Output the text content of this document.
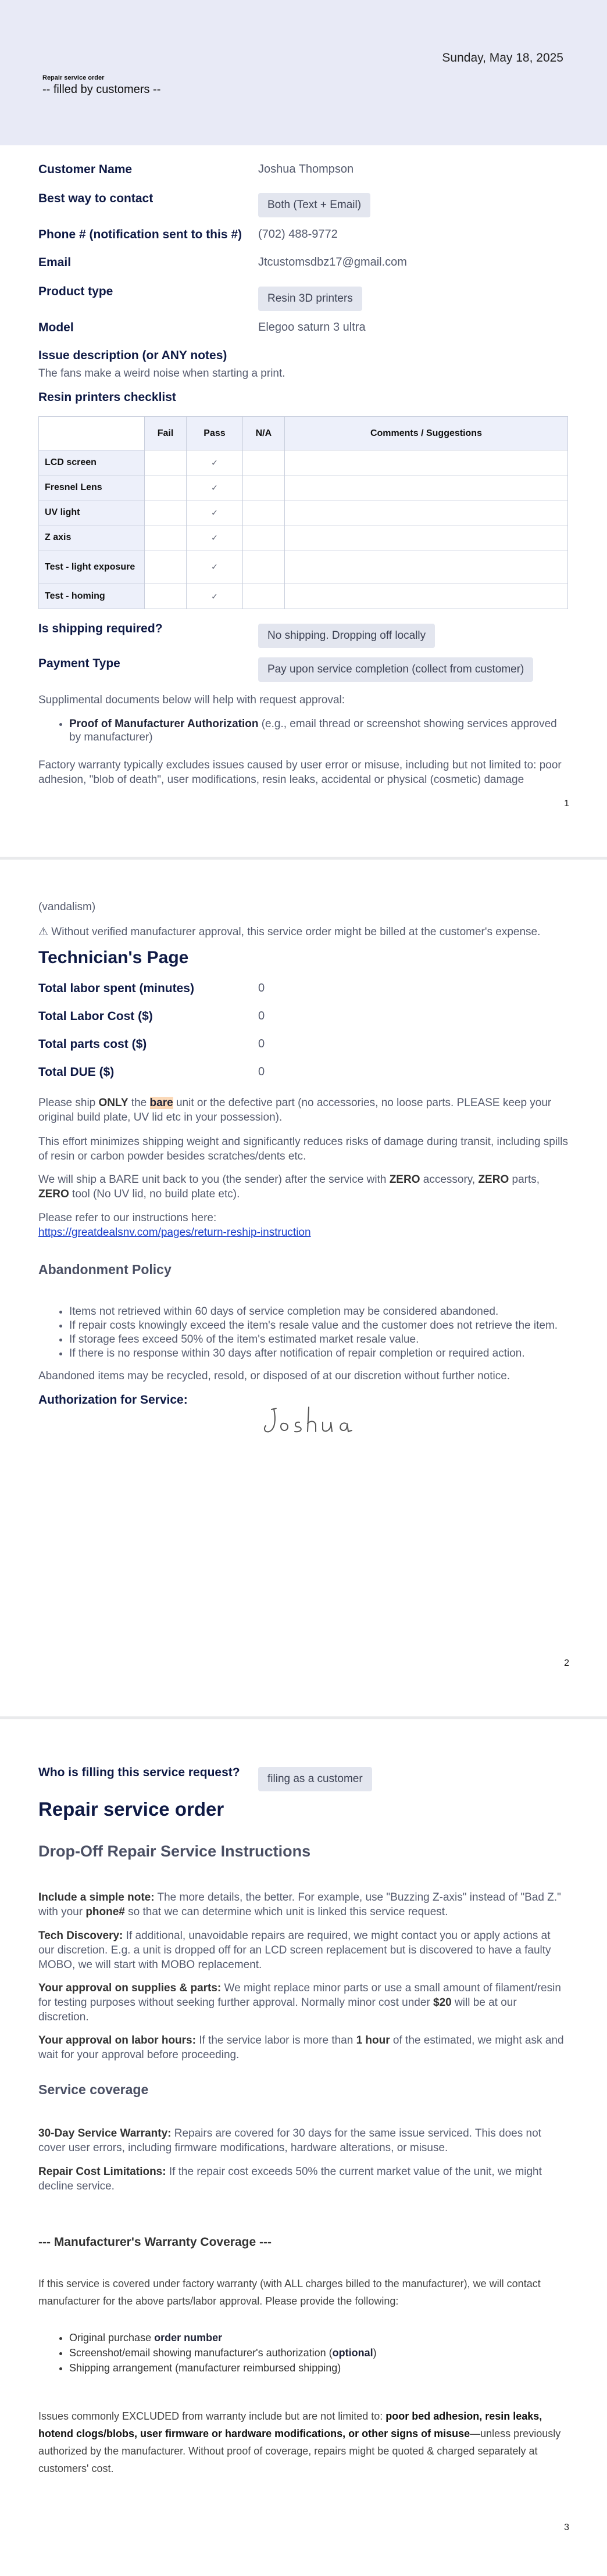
Sunday, May 18, 2025
Repair service order
-- filled by customers --
Customer Name	Joshua Thompson
Best way to contact	Both (Text + Email)
Phone # (notification sent to this #) (702) 488-9772
Email	Jtcustomsdbz17@gmail.com
Product type
Resin 3D printers
Model	Elegoo saturn 3 ultra
Issue description (or ANY notes)
The fans make a weird noise when starting a print.
Resin printers checklist
	Fail	Pass	N/A	Comments / Suggestions
LCD screen		✓		
Fresnel Lens		✓		
UV light		✓		
Z axis		✓		
Test - light exposure		✓		
Test - homing		✓		
Is shipping required?
No shipping. Dropping off locally
Payment Type	Pay upon service completion (collect from customer)
Supplimental documents below will help with request approval:
• Proof of Manufacturer Authorization (e.g., email thread or screenshot showing services approved by manufacturer)
Factory warranty typically excludes issues caused by user error or misuse, including but not limited to: poor adhesion, "blob of death", user modifications, resin leaks, accidental or physical (cosmetic) damage
1
(vandalism)
⚠ Without verified manufacturer approval, this service order might be billed at the customer's expense.
Technician's Page
Total labor spent (minutes)	0
Total Labor Cost ($)	0
Total parts cost ($)	0
Total DUE ($)	0
Please ship ONLY the bare unit or the defective part (no accessories, no loose parts. PLEASE keep your original build plate, UV lid etc in your possession).
This effort minimizes shipping weight and significantly reduces risks of damage during transit, including spills of resin or carbon powder besides scratches/dents etc.
We will ship a BARE unit back to you (the sender) after the service with ZERO accessory, ZERO parts, ZERO tool (No UV lid, no build plate etc).
Please refer to our instructions here:
https://greatdealsnv.com/pages/return-reship-instruction
Abandonment Policy
• Items not retrieved within 60 days of service completion may be considered abandoned.
• If repair costs knowingly exceed the item's resale value and the customer does not retrieve the item.
• If storage fees exceed 50% of the item's estimated market resale value.
• If there is no response within 30 days after notification of repair completion or required action.
Abandoned items may be recycled, resold, or disposed of at our discretion without further notice.
Authorization for Service:
2
Who is filling this service request?	filing as a customer
Repair service order
Drop-Off Repair Service Instructions
Include a simple note: The more details, the better. For example, use "Buzzing Z-axis" instead of "Bad Z." with your phone# so that we can determine which unit is linked this service request.
Tech Discovery: If additional, unavoidable repairs are required, we might contact you or apply actions at our discretion. E.g. a unit is dropped off for an LCD screen replacement but is discovered to have a faulty MOBO, we will start with MOBO replacement.
Your approval on supplies & parts: We might replace minor parts or use a small amount of filament/resin for testing purposes without seeking further approval. Normally minor cost under $20 will be at our discretion.
Your approval on labor hours: If the service labor is more than 1 hour of the estimated, we might ask and wait for your approval before proceeding.
Service coverage
30-Day Service Warranty: Repairs are covered for 30 days for the same issue serviced. This does not cover user errors, including firmware modifications, hardware alterations, or misuse.
Repair Cost Limitations: If the repair cost exceeds 50% the current market value of the unit, we might decline service.
--- Manufacturer's Warranty Coverage ---
If this service is covered under factory warranty (with ALL charges billed to the manufacturer), we will contact manufacturer for the above parts/labor approval. Please provide the following:
• Original purchase order number
• Screenshot/email showing manufacturer's authorization (optional)
• Shipping arrangement (manufacturer reimbursed shipping)
Issues commonly EXCLUDED from warranty include but are not limited to: poor bed adhesion, resin leaks, hotend clogs/blobs, user firmware or hardware modifications, or other signs of misuse—unless previously authorized by the manufacturer. Without proof of coverage, repairs might be quoted & charged separately at customers' cost.
3
